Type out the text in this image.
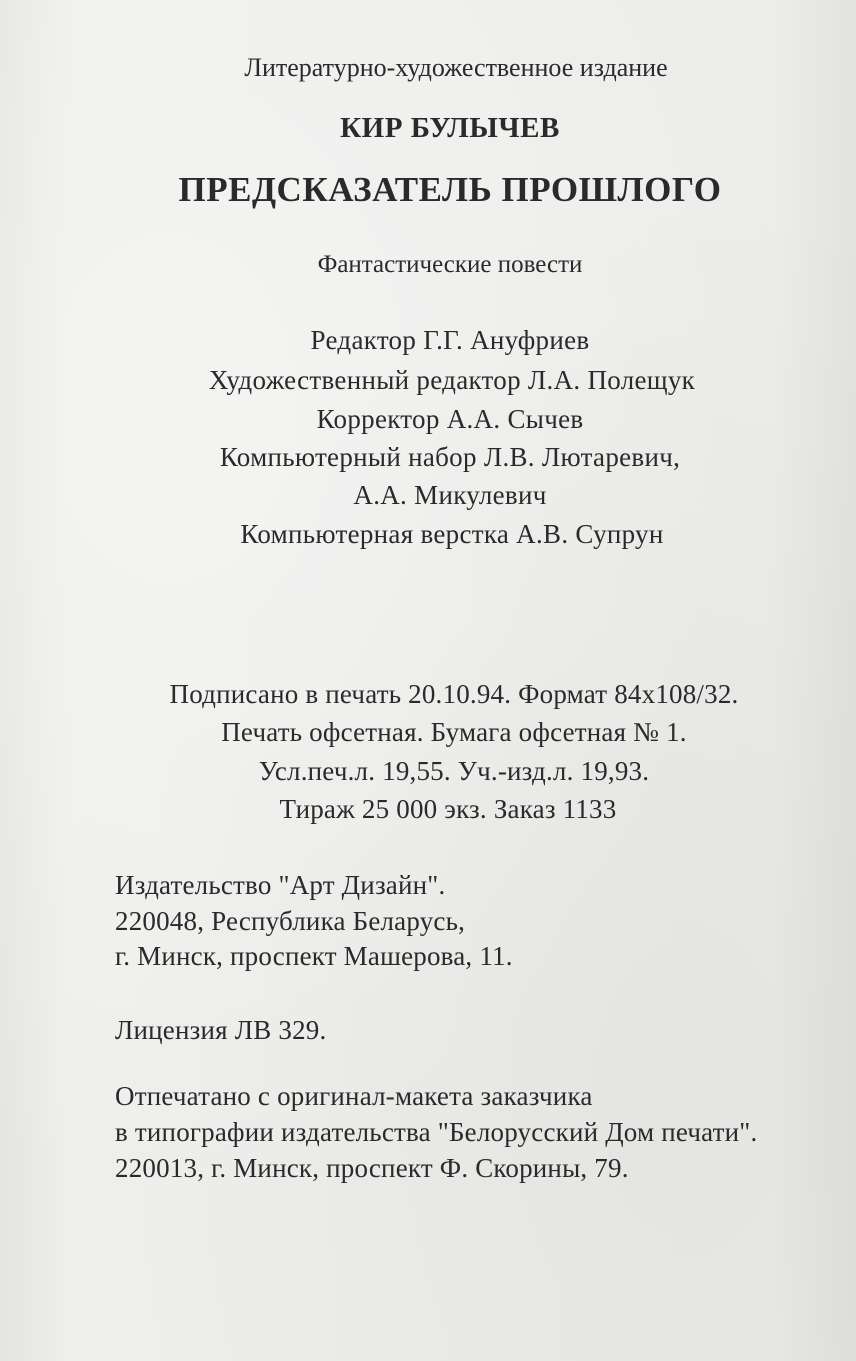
Литературно-художественное издание
КИР БУЛЫЧЕВ
ПРЕДСКАЗАТЕЛЬ ПРОШЛОГО
Фантастические повести
Редактор Г.Г. Ануфриев
Художественный редактор Л.А. Полещук
Корректор А.А. Сычев
Компьютерный набор Л.В. Лютаревич,
А.А. Микулевич
Компьютерная верстка А.В. Супрун
Подписано в печать 20.10.94. Формат 84x108/32.
Печать офсетная. Бумага офсетная № 1.
Усл.печ.л. 19,55. Уч.-изд.л. 19,93.
Тираж 25 000 экз. Заказ 1133
Издательство "Арт Дизайн".
220048, Республика Беларусь,
г. Минск, проспект Машерова, 11.
Лицензия ЛВ 329.
Отпечатано с оригинал-макета заказчика
в типографии издательства "Белорусский Дом печати".
220013, г. Минск, проспект Ф. Скорины, 79.
